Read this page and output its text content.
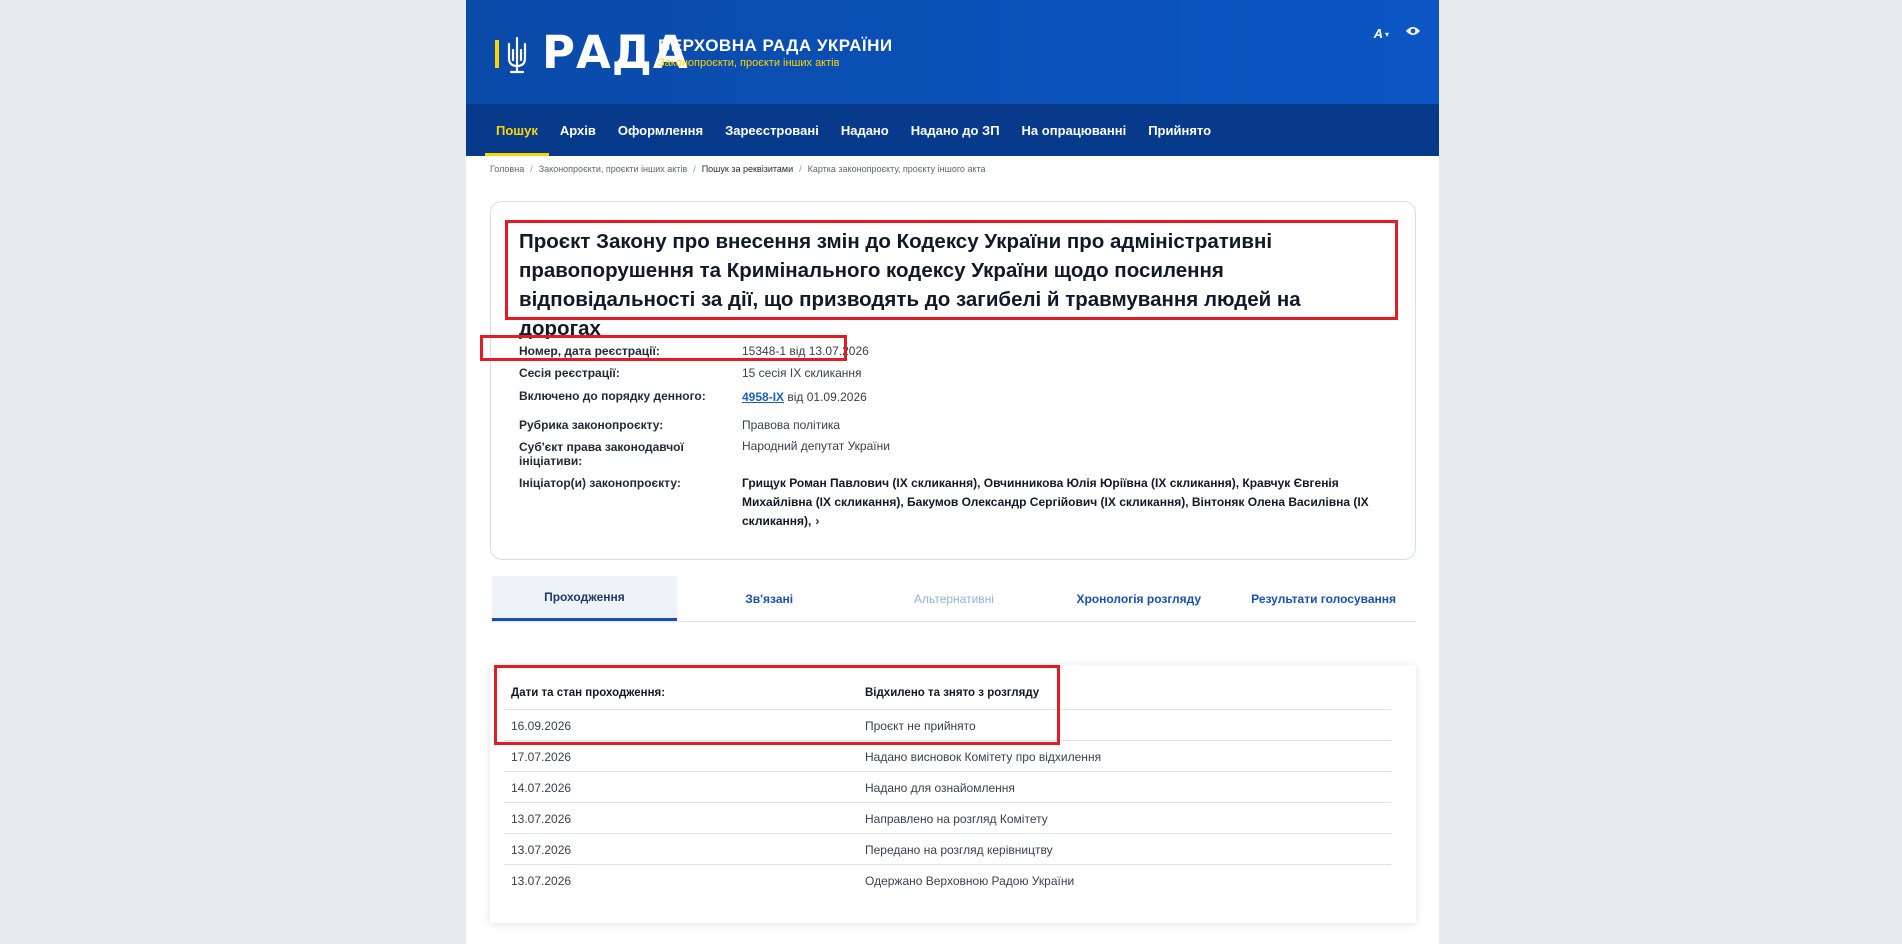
РАДА
ВЕРХОВНА РАДА УКРАЇНИ
Законопроєкти, проєкти інших актів
A ▾
Пошук	Архів	Оформлення	Зареєстровані	Надано	Надано до ЗП	На опрацюванні	Прийнято
Головна / Законопроєкти, проєкти інших актів / Пошук за реквізитами / Картка законопроєкту, проєкту іншого акта
Проєкт Закону про внесення змін до Кодексу України про адміністративні правопорушення та Кримінального кодексу України щодо посилення відповідальності за дії, що призводять до загибелі й травмування людей на дорогах
Номер, дата реєстрації:	15348-1 від 13.07.2026
Сесія реєстрації:	15 сесія IX скликання
Включено до порядку денного:	4958-IX від 01.09.2026
Рубрика законопроєкту:	Правова політика
Суб'єкт права законодавчої ініціативи:
Народний депутат України
Ініціатор(и) законопроєкту:	Грищук Роман Павлович (IX скликання), Овчинникова Юлія Юріївна (IX скликання), Кравчук Євгенія Михайлівна (IX скликання), Бакумов Олександр Сергійович (IX скликання), Вінтоняк Олена Василівна (IX скликання), ›
Проходження	Зв'язані	Альтернативні	Хронологія розгляду	Результати голосування
Дати та стан проходження:	Відхилено та знято з розгляду
16.09.2026	Проєкт не прийнято
17.07.2026	Надано висновок Комітету про відхилення
14.07.2026	Надано для ознайомлення
13.07.2026	Направлено на розгляд Комітету
13.07.2026	Передано на розгляд керівництву
13.07.2026	Одержано Верховною Радою України
